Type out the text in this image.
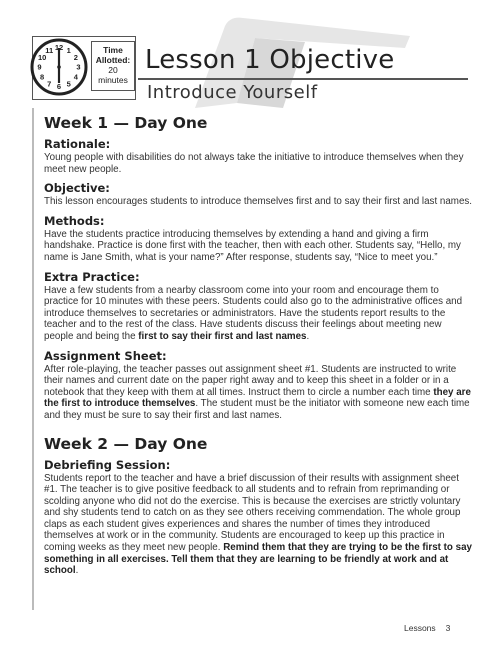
12 1
2
3
4
5
6
7
8
9
10
11	Time Allotted:
20
minutes
Lesson 1 Objective
Introduce Yourself
Week 1 — Day One
Rationale:

Young people with disabilities do not always take the initiative to introduce themselves when they meet new people.

Objective:

This lesson encourages students to introduce themselves first and to say their first and last names.

Methods:

Have the students practice introducing themselves by extending a hand and giving a firm handshake. Practice is done first with the teacher, then with each other. Students say, “Hello, my name is Jane Smith, what is your name?” After response, students say, “Nice to meet you.”

Extra Practice:

Have a few students from a nearby classroom come into your room and encourage them to practice for 10 minutes with these peers. Students could also go to the administrative offices and introduce themselves to secretaries or administrators. Have the students report results to the teacher and to the rest of the class. Have students discuss their feelings about meeting new people and being the first to say their first and last names.

Assignment Sheet:

After role-playing, the teacher passes out assignment sheet #1. Students are instructed to write their names and current date on the paper right away and to keep this sheet in a folder or in a notebook that they keep with them at all times. Instruct them to circle a number each time they are the first to introduce themselves. The student must be the initiator with someone new each time and they must be sure to say their first and last names.

Week 2 — Day One
Debriefing Session:

Students report to the teacher and have a brief discussion of their results with assignment sheet #1. The teacher is to give positive feedback to all students and to refrain from reprimanding or scolding anyone who did not do the exercise. This is because the exercises are strictly voluntary and shy students tend to catch on as they see others receiving commendation. The whole group claps as each student gives experiences and shares the number of times they introduced themselves at work or in the community. Students are encouraged to keep up this practice in coming weeks as they meet new people. Remind them that they are trying to be the first to say something in all exercises. Tell them that they are learning to be friendly at work and at school.

Lessons 3
